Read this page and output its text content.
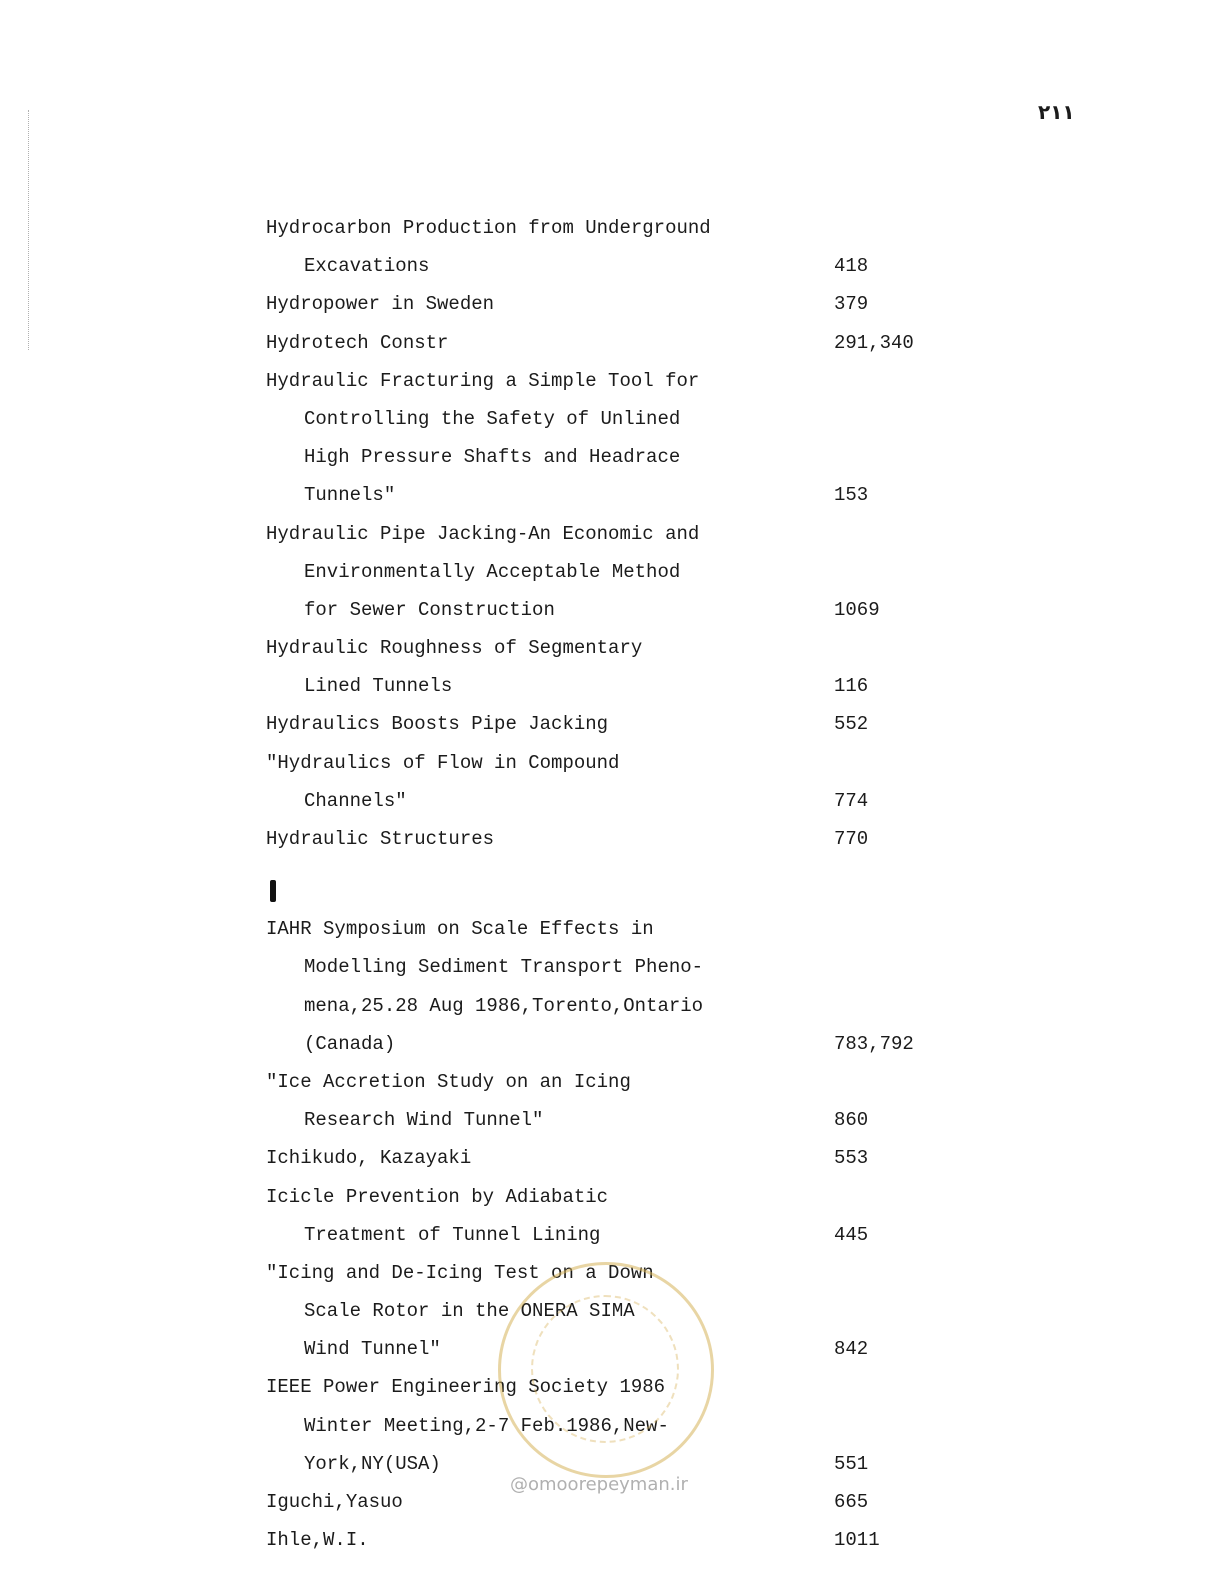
۲۱۱
Hydrocarbon Production from Underground
Excavations	418
Hydropower in Sweden	379
Hydrotech Constr	291,340
Hydraulic Fracturing a Simple Tool for
Controlling the Safety of Unlined
High Pressure Shafts and Headrace
Tunnels"	153
Hydraulic Pipe Jacking-An Economic and
Environmentally Acceptable Method
for Sewer Construction	1069
Hydraulic Roughness of Segmentary
Lined Tunnels	116
Hydraulics Boosts Pipe Jacking	552
"Hydraulics of Flow in Compound
Channels"	774
Hydraulic Structures	770
IAHR Symposium on Scale Effects in
Modelling Sediment Transport Pheno-
mena,25.28 Aug 1986,Torento,Ontario
(Canada)	783,792
"Ice Accretion Study on an Icing
Research Wind Tunnel"	860
Ichikudo, Kazayaki	553
Icicle Prevention by Adiabatic
Treatment of Tunnel Lining	445
"Icing and De-Icing Test on a Down
Scale Rotor in the ONERA SIMA
Wind Tunnel"	842
IEEE Power Engineering Society 1986
Winter Meeting,2-7 Feb.1986,New-
York,NY(USA)	551
Iguchi,Yasuo	665
Ihle,W.I.	1011
@omoorepeyman.ir
